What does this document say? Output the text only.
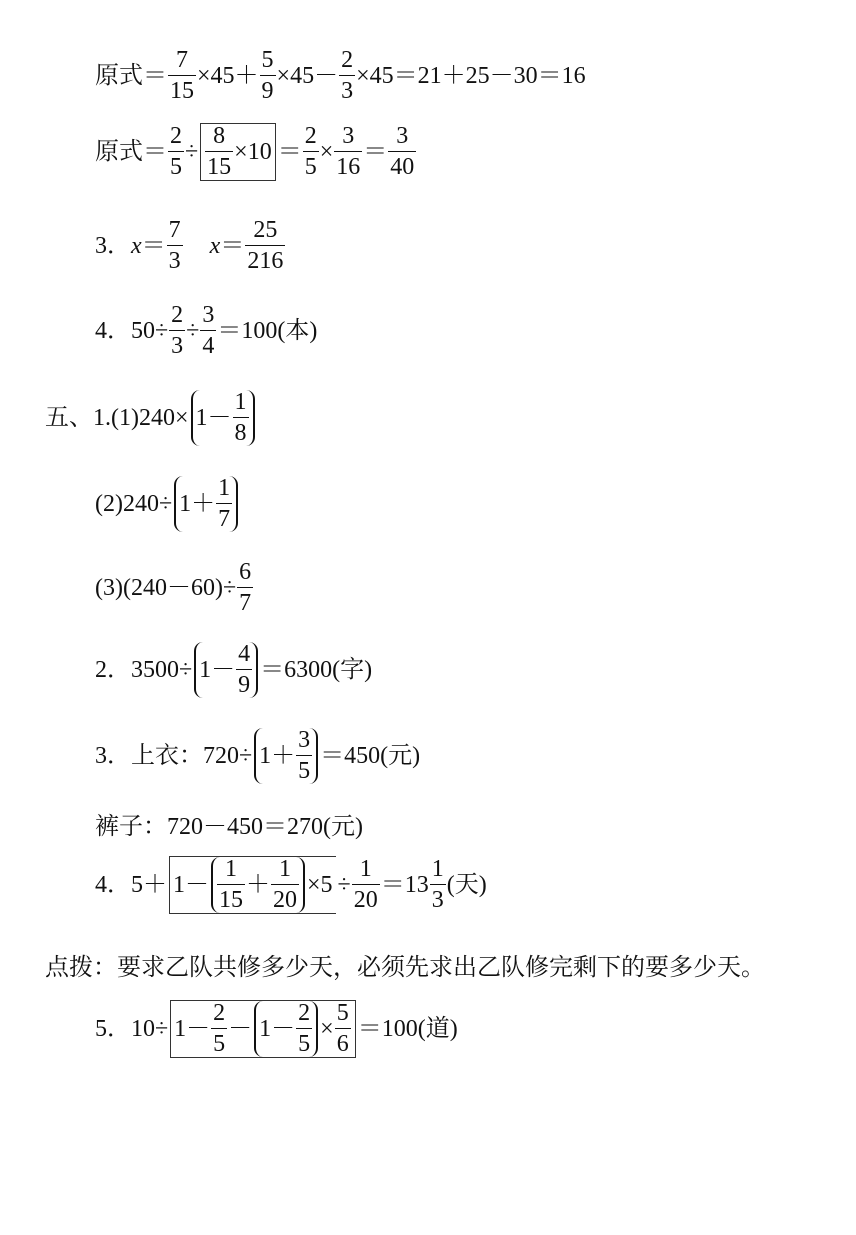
原式＝ $\frac{7}{15} \times 45+ \frac{5}{9} \times 45- \frac{2}{3} \times 45=21+25-30=16$
原式＝ $\frac{2}{5} \div \frac{8}{15} \times 10 = \frac{2}{5} \times \frac{3}{16} = \frac{3}{40}$
3． $x = \frac{7}{3}$ $x = \frac{25}{216}$
4．$50\div \frac{2}{3} \div \frac{3}{4} =100$(本)
五、$1.(1)240\times 1- \frac{1}{8}$
$(2)240\div 1+ \frac{1}{7}$
$(3)(240-60)\div \frac{6}{7}$
2．$3500\div 1- \frac{4}{9} =6300$(字)
3．上衣：$720\div 1+ \frac{3}{5} =450$(元)
裤子：720－450＝270(元)
4．$5+ 1- \frac{1}{15} + \frac{1}{20} \times 5 \div \frac{1}{20} =13 \frac{1}{3}$ (天)
点拨：要求乙队共修多少天，必须先求出乙队修完剩下的要多少天。
5．$10\div 1- \frac{2}{5} - 1- \frac{2}{5} \times \frac{5}{6} =100$(道)
